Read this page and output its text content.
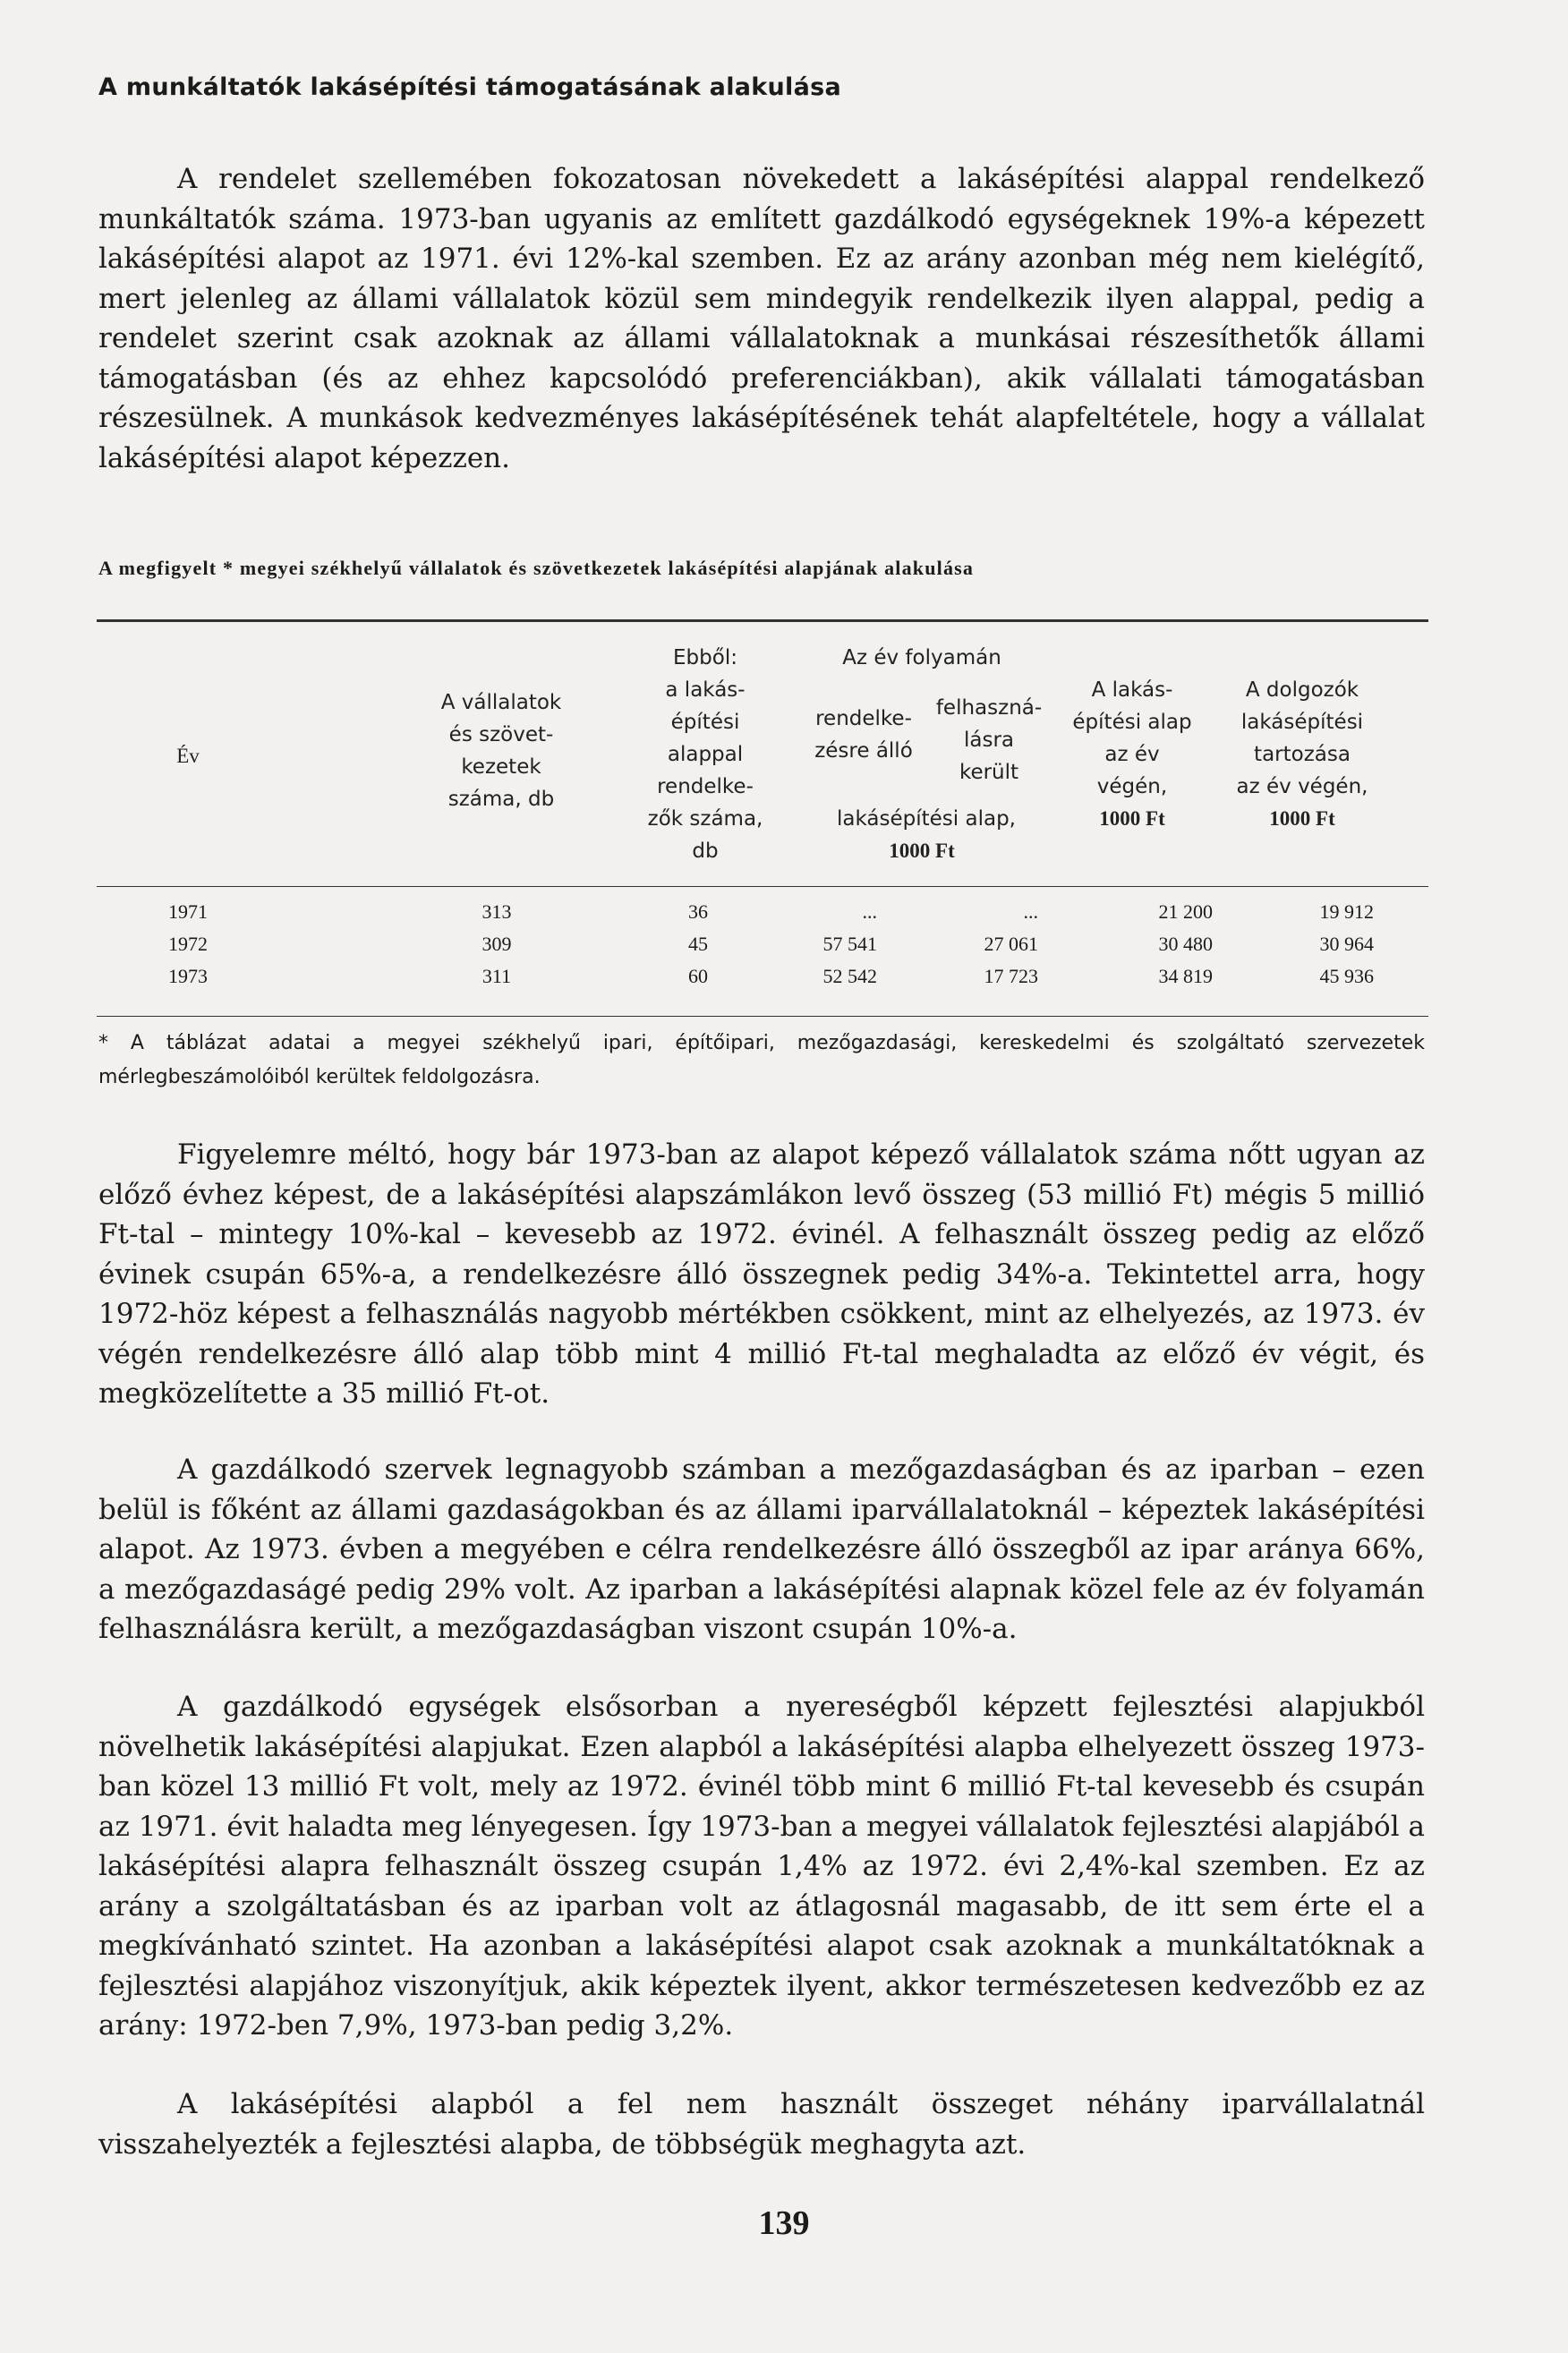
A munkáltatók lakásépítési támogatásának alakulása

A rendelet szellemében fokozatosan növekedett a lakásépítési alappal rendelkező munkáltatók száma. 1973-ban ugyanis az említett gazdálkodó egységeknek 19%-a képezett lakásépítési alapot az 1971. évi 12%-kal szemben. Ez az arány azonban még nem kielégítő, mert jelenleg az állami vállalatok közül sem mindegyik rendelkezik ilyen alappal, pedig a rendelet szerint csak azoknak az állami vállalatoknak a munkásai részesíthetők állami támogatásban (és az ehhez kapcsolódó preferenciákban), akik vállalati támogatásban részesülnek. A munkások kedvezményes lakásépítésének tehát alapfeltétele, hogy a vállalat lakásépítési alapot képezzen.

A megfigyelt * megyei székhelyű vállalatok és szövetkezetek lakásépítési alapjának alakulása
Év
A vállalatok
és szövet-
kezetek
száma, db
Ebből:
a lakás-
építési
alappal
rendelke-
zők száma,
db
Az év folyamán
rendelke-
zésre álló
felhaszná-
lásra
került
lakásépítési alap,
1000 Ft
A lakás-
építési alap
az év
végén,
1000 Ft
A dolgozók
lakásépítési
tartozása
az év végén,
1000 Ft
1971	313	36	...	...	21 200	19 912
1972	309	45	57 541	27 061	30 480	30 964
1973	311	60	52 542	17 723	34 819	45 936
* A táblázat adatai a megyei székhelyű ipari, építőipari, mezőgazdasági, kereskedelmi és szolgáltató szervezetek mérlegbeszámolóiból kerültek feldolgozásra.

Figyelemre méltó, hogy bár 1973-ban az alapot képező vállalatok száma nőtt ugyan az előző évhez képest, de a lakásépítési alapszámlákon levő összeg (53 millió Ft) mégis 5 millió Ft-tal – mintegy 10%-kal – kevesebb az 1972. évinél. A felhasznált összeg pedig az előző évinek csupán 65%-a, a rendelkezésre álló összegnek pedig 34%-a. Tekintettel arra, hogy 1972-höz képest a felhasználás nagyobb mértékben csökkent, mint az elhelyezés, az 1973. év végén rendelkezésre álló alap több mint 4 millió Ft-tal meghaladta az előző év végit, és megközelítette a 35 millió Ft-ot.

A gazdálkodó szervek legnagyobb számban a mezőgazdaságban és az iparban – ezen belül is főként az állami gazdaságokban és az állami iparvállalatoknál – képeztek lakásépítési alapot. Az 1973. évben a megyében e célra rendelkezésre álló összegből az ipar aránya 66%, a mezőgazdaságé pedig 29% volt. Az iparban a lakásépítési alapnak közel fele az év folyamán felhasználásra került, a mezőgazdaságban viszont csupán 10%-a.

A gazdálkodó egységek elsősorban a nyereségből képzett fejlesztési alapjukból növelhetik lakásépítési alapjukat. Ezen alapból a lakásépítési alapba elhelyezett összeg 1973-ban közel 13 millió Ft volt, mely az 1972. évinél több mint 6 millió Ft-tal kevesebb és csupán az 1971. évit haladta meg lényegesen. Így 1973-ban a megyei vállalatok fejlesztési alapjából a lakásépítési alapra felhasznált összeg csupán 1,4% az 1972. évi 2,4%-kal szemben. Ez az arány a szolgáltatásban és az iparban volt az átlagosnál magasabb, de itt sem érte el a megkívánható szintet. Ha azonban a lakásépítési alapot csak azoknak a munkáltatóknak a fejlesztési alapjához viszonyítjuk, akik képeztek ilyent, akkor természetesen kedvezőbb ez az arány: 1972-ben 7,9%, 1973-ban pedig 3,2%.

A lakásépítési alapból a fel nem használt összeget néhány iparvállalatnál visszahelyezték a fejlesztési alapba, de többségük meghagyta azt.

139
